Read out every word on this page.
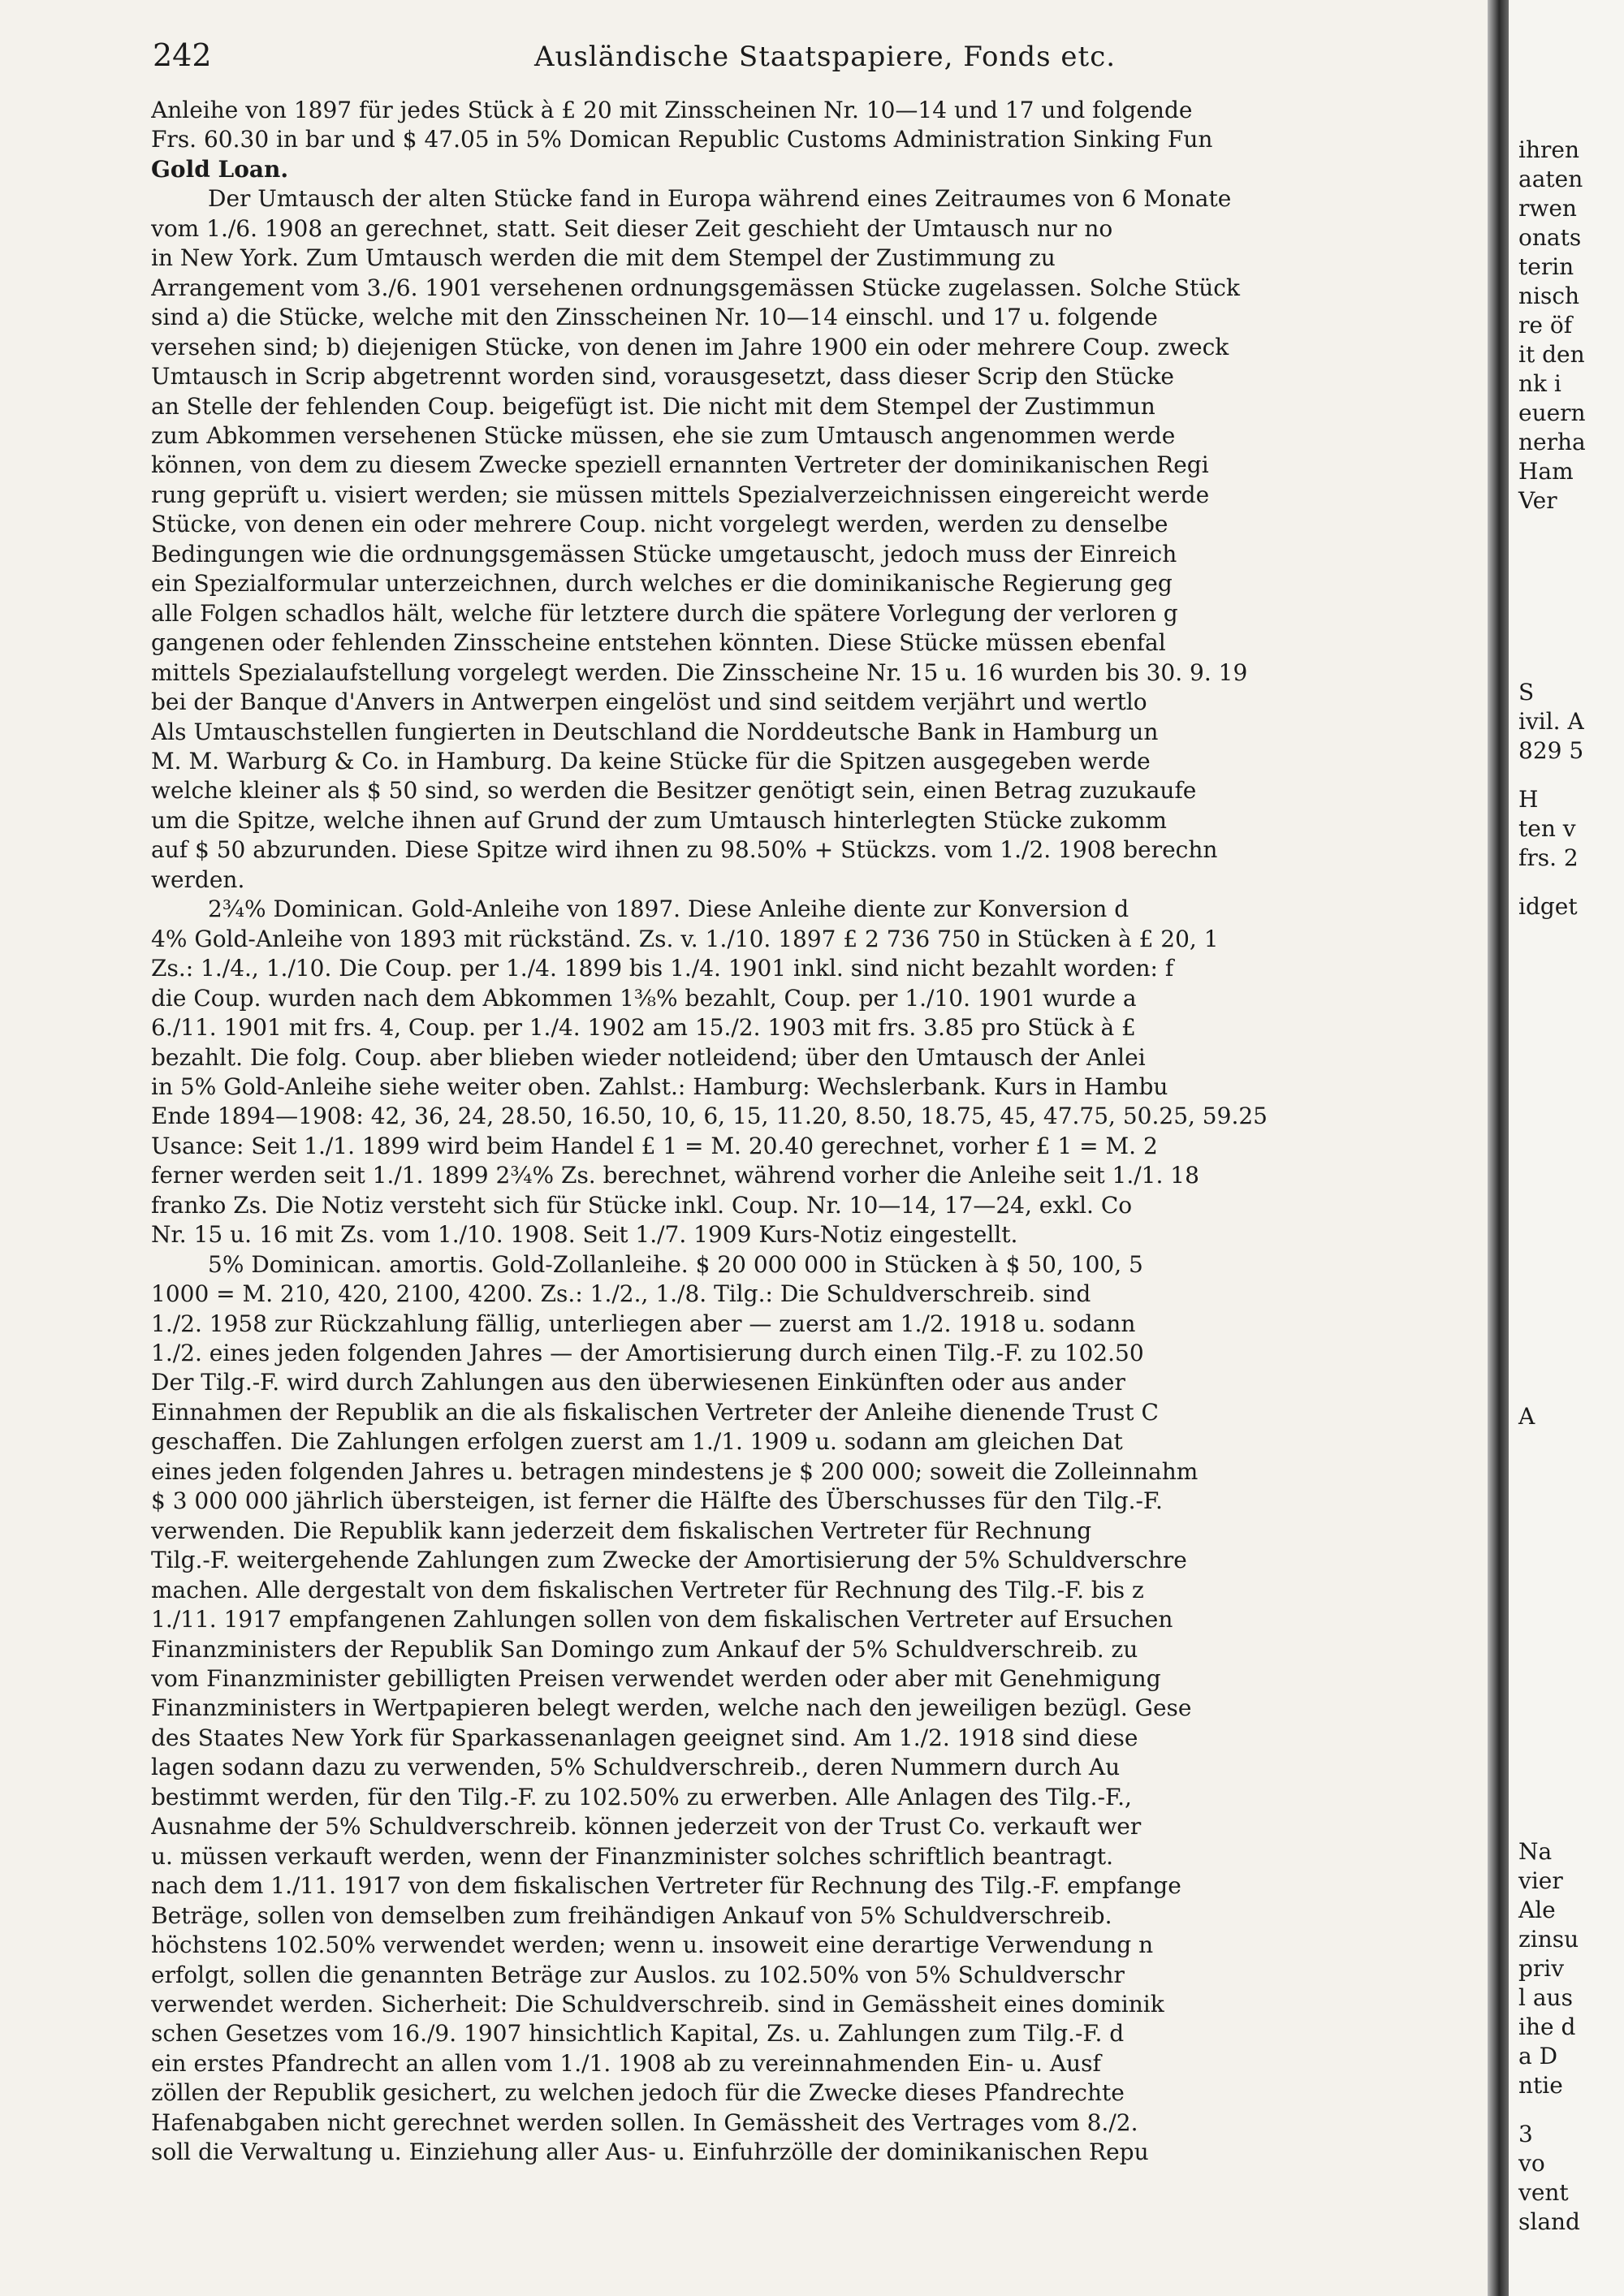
242	Ausländische Staatspapiere, Fonds etc.

Anleihe von 1897 für jedes Stück à £ 20 mit Zinsscheinen Nr. 10—14 und 17 und folgende

Frs. 60.30 in bar und $ 47.05 in 5% Domican Republic Customs Administration Sinking Fun

Gold Loan.

Der Umtausch der alten Stücke fand in Europa während eines Zeitraumes von 6 Monate

vom 1./6. 1908 an gerechnet, statt. Seit dieser Zeit geschieht der Umtausch nur no

in New York. Zum Umtausch werden die mit dem Stempel der Zustimmung zu

Arrangement vom 3./6. 1901 versehenen ordnungsgemässen Stücke zugelassen. Solche Stück

sind a) die Stücke, welche mit den Zinsscheinen Nr. 10—14 einschl. und 17 u. folgende

versehen sind; b) diejenigen Stücke, von denen im Jahre 1900 ein oder mehrere Coup. zweck

Umtausch in Scrip abgetrennt worden sind, vorausgesetzt, dass dieser Scrip den Stücke

an Stelle der fehlenden Coup. beigefügt ist. Die nicht mit dem Stempel der Zustimmun

zum Abkommen versehenen Stücke müssen, ehe sie zum Umtausch angenommen werde

können, von dem zu diesem Zwecke speziell ernannten Vertreter der dominikanischen Regi

rung geprüft u. visiert werden; sie müssen mittels Spezialverzeichnissen eingereicht werde

Stücke, von denen ein oder mehrere Coup. nicht vorgelegt werden, werden zu denselbe

Bedingungen wie die ordnungsgemässen Stücke umgetauscht, jedoch muss der Einreich

ein Spezialformular unterzeichnen, durch welches er die dominikanische Regierung geg

alle Folgen schadlos hält, welche für letztere durch die spätere Vorlegung der verloren g

gangenen oder fehlenden Zinsscheine entstehen könnten. Diese Stücke müssen ebenfal

mittels Spezialaufstellung vorgelegt werden. Die Zinsscheine Nr. 15 u. 16 wurden bis 30. 9. 19

bei der Banque d'Anvers in Antwerpen eingelöst und sind seitdem verjährt und wertlo

Als Umtauschstellen fungierten in Deutschland die Norddeutsche Bank in Hamburg un

M. M. Warburg & Co. in Hamburg. Da keine Stücke für die Spitzen ausgegeben werde

welche kleiner als $ 50 sind, so werden die Besitzer genötigt sein, einen Betrag zuzukaufe

um die Spitze, welche ihnen auf Grund der zum Umtausch hinterlegten Stücke zukomm

auf $ 50 abzurunden. Diese Spitze wird ihnen zu 98.50% + Stückzs. vom 1./2. 1908 berechn

werden.

2¾% Dominican. Gold-Anleihe von 1897. Diese Anleihe diente zur Konversion d

4% Gold-Anleihe von 1893 mit rückständ. Zs. v. 1./10. 1897 £ 2 736 750 in Stücken à £ 20, 1

Zs.: 1./4., 1./10. Die Coup. per 1./4. 1899 bis 1./4. 1901 inkl. sind nicht bezahlt worden: f

die Coup. wurden nach dem Abkommen 1⅜% bezahlt, Coup. per 1./10. 1901 wurde a

6./11. 1901 mit frs. 4, Coup. per 1./4. 1902 am 15./2. 1903 mit frs. 3.85 pro Stück à £

bezahlt. Die folg. Coup. aber blieben wieder notleidend; über den Umtausch der Anlei

in 5% Gold-Anleihe siehe weiter oben. Zahlst.: Hamburg: Wechslerbank. Kurs in Hambu

Ende 1894—1908: 42, 36, 24, 28.50, 16.50, 10, 6, 15, 11.20, 8.50, 18.75, 45, 47.75, 50.25, 59.25

Usance: Seit 1./1. 1899 wird beim Handel £ 1 = M. 20.40 gerechnet, vorher £ 1 = M. 2

ferner werden seit 1./1. 1899 2¾% Zs. berechnet, während vorher die Anleihe seit 1./1. 18

franko Zs. Die Notiz versteht sich für Stücke inkl. Coup. Nr. 10—14, 17—24, exkl. Co

Nr. 15 u. 16 mit Zs. vom 1./10. 1908. Seit 1./7. 1909 Kurs-Notiz eingestellt.

5% Dominican. amortis. Gold-Zollanleihe. $ 20 000 000 in Stücken à $ 50, 100, 5

1000 = M. 210, 420, 2100, 4200. Zs.: 1./2., 1./8. Tilg.: Die Schuldverschreib. sind

1./2. 1958 zur Rückzahlung fällig, unterliegen aber — zuerst am 1./2. 1918 u. sodann

1./2. eines jeden folgenden Jahres — der Amortisierung durch einen Tilg.-F. zu 102.50

Der Tilg.-F. wird durch Zahlungen aus den überwiesenen Einkünften oder aus ander

Einnahmen der Republik an die als fiskalischen Vertreter der Anleihe dienende Trust C

geschaffen. Die Zahlungen erfolgen zuerst am 1./1. 1909 u. sodann am gleichen Dat

eines jeden folgenden Jahres u. betragen mindestens je $ 200 000; soweit die Zolleinnahm

$ 3 000 000 jährlich übersteigen, ist ferner die Hälfte des Überschusses für den Tilg.-F.

verwenden. Die Republik kann jederzeit dem fiskalischen Vertreter für Rechnung

Tilg.-F. weitergehende Zahlungen zum Zwecke der Amortisierung der 5% Schuldverschre

machen. Alle dergestalt von dem fiskalischen Vertreter für Rechnung des Tilg.-F. bis z

1./11. 1917 empfangenen Zahlungen sollen von dem fiskalischen Vertreter auf Ersuchen

Finanzministers der Republik San Domingo zum Ankauf der 5% Schuldverschreib. zu

vom Finanzminister gebilligten Preisen verwendet werden oder aber mit Genehmigung

Finanzministers in Wertpapieren belegt werden, welche nach den jeweiligen bezügl. Gese

des Staates New York für Sparkassenanlagen geeignet sind. Am 1./2. 1918 sind diese

lagen sodann dazu zu verwenden, 5% Schuldverschreib., deren Nummern durch Au

bestimmt werden, für den Tilg.-F. zu 102.50% zu erwerben. Alle Anlagen des Tilg.-F.,

Ausnahme der 5% Schuldverschreib. können jederzeit von der Trust Co. verkauft wer

u. müssen verkauft werden, wenn der Finanzminister solches schriftlich beantragt.

nach dem 1./11. 1917 von dem fiskalischen Vertreter für Rechnung des Tilg.-F. empfange

Beträge, sollen von demselben zum freihändigen Ankauf von 5% Schuldverschreib.

höchstens 102.50% verwendet werden; wenn u. insoweit eine derartige Verwendung n

erfolgt, sollen die genannten Beträge zur Auslos. zu 102.50% von 5% Schuldverschr

verwendet werden. Sicherheit: Die Schuldverschreib. sind in Gemässheit eines dominik

schen Gesetzes vom 16./9. 1907 hinsichtlich Kapital, Zs. u. Zahlungen zum Tilg.-F. d

ein erstes Pfandrecht an allen vom 1./1. 1908 ab zu vereinnahmenden Ein- u. Ausf

zöllen der Republik gesichert, zu welchen jedoch für die Zwecke dieses Pfandrechte

Hafenabgaben nicht gerechnet werden sollen. In Gemässheit des Vertrages vom 8./2.

soll die Verwaltung u. Einziehung aller Aus- u. Einfuhrzölle der dominikanischen Repu

ihren
aaten
rwen
onats
terin
nisch
re öf
it den
nk i
euern
nerha
Ham
Ver
S
ivil. A
829 5
H
ten v
frs. 2
idget
A
Na
vier
Ale
zinsu
priv
l aus
ihe d
a D
ntie
3
vo
vent
sland
